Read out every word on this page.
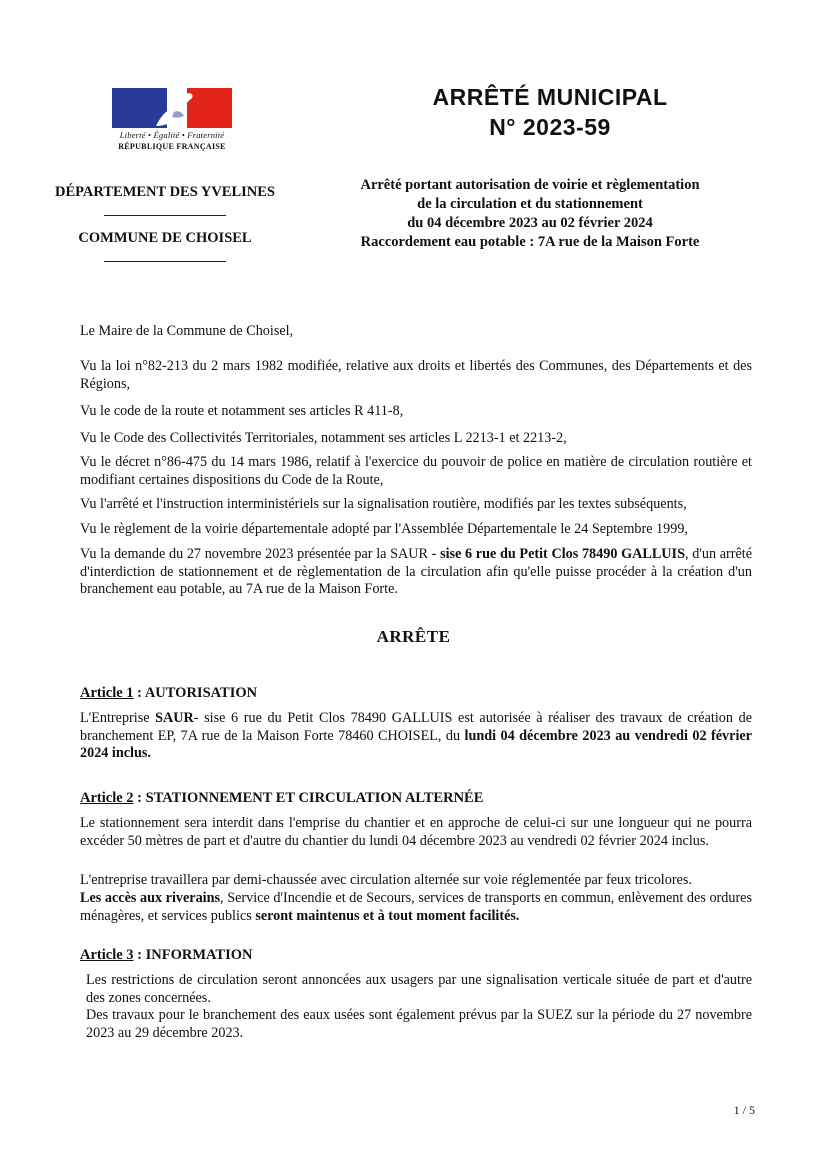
Liberté • Égalité • Fraternité
RÉPUBLIQUE FRANÇAISE
ARRÊTÉ MUNICIPAL
N° 2023-59
DÉPARTEMENT DES YVELINES
COMMUNE DE CHOISEL
Arrêté portant autorisation de voirie et règlementation
de la circulation et du stationnement
du 04 décembre 2023 au 02 février 2024
Raccordement eau potable : 7A rue de la Maison Forte
Le Maire de la Commune de Choisel,
Vu la loi n°82-213 du 2 mars 1982 modifiée, relative aux droits et libertés des Communes, des Départements et des Régions,
Vu le code de la route et notamment ses articles R 411-8,
Vu le Code des Collectivités Territoriales, notamment ses articles L 2213-1 et 2213-2,
Vu le décret n°86-475 du 14 mars 1986, relatif à l'exercice du pouvoir de police en matière de circulation routière et modifiant certaines dispositions du Code de la Route,
Vu l'arrêté et l'instruction interministériels sur la signalisation routière, modifiés par les textes subséquents,
Vu le règlement de la voirie départementale adopté par l'Assemblée Départementale le 24 Septembre 1999,
Vu la demande du 27 novembre 2023 présentée par la SAUR - sise 6 rue du Petit Clos 78490 GALLUIS, d'un arrêté d'interdiction de stationnement et de règlementation de la circulation afin qu'elle puisse procéder à la création d'un branchement eau potable, au 7A rue de la Maison Forte.
ARRÊTE
Article 1 : AUTORISATION
L'Entreprise SAUR- sise 6 rue du Petit Clos 78490 GALLUIS est autorisée à réaliser des travaux de création de branchement EP, 7A rue de la Maison Forte 78460 CHOISEL, du lundi 04 décembre 2023 au vendredi 02 février 2024 inclus.
Article 2 : STATIONNEMENT ET CIRCULATION ALTERNÉE
Le stationnement sera interdit dans l'emprise du chantier et en approche de celui-ci sur une longueur qui ne pourra excéder 50 mètres de part et d'autre du chantier du lundi 04 décembre 2023 au vendredi 02 février 2024 inclus.
L'entreprise travaillera par demi-chaussée avec circulation alternée sur voie réglementée par feux tricolores.
Les accès aux riverains, Service d'Incendie et de Secours, services de transports en commun, enlèvement des ordures ménagères, et services publics seront maintenus et à tout moment facilités.
Article 3 : INFORMATION
Les restrictions de circulation seront annoncées aux usagers par une signalisation verticale située de part et d'autre des zones concernées.
Des travaux pour le branchement des eaux usées sont également prévus par la SUEZ sur la période du 27 novembre 2023 au 29 décembre 2023.
1 / 5
